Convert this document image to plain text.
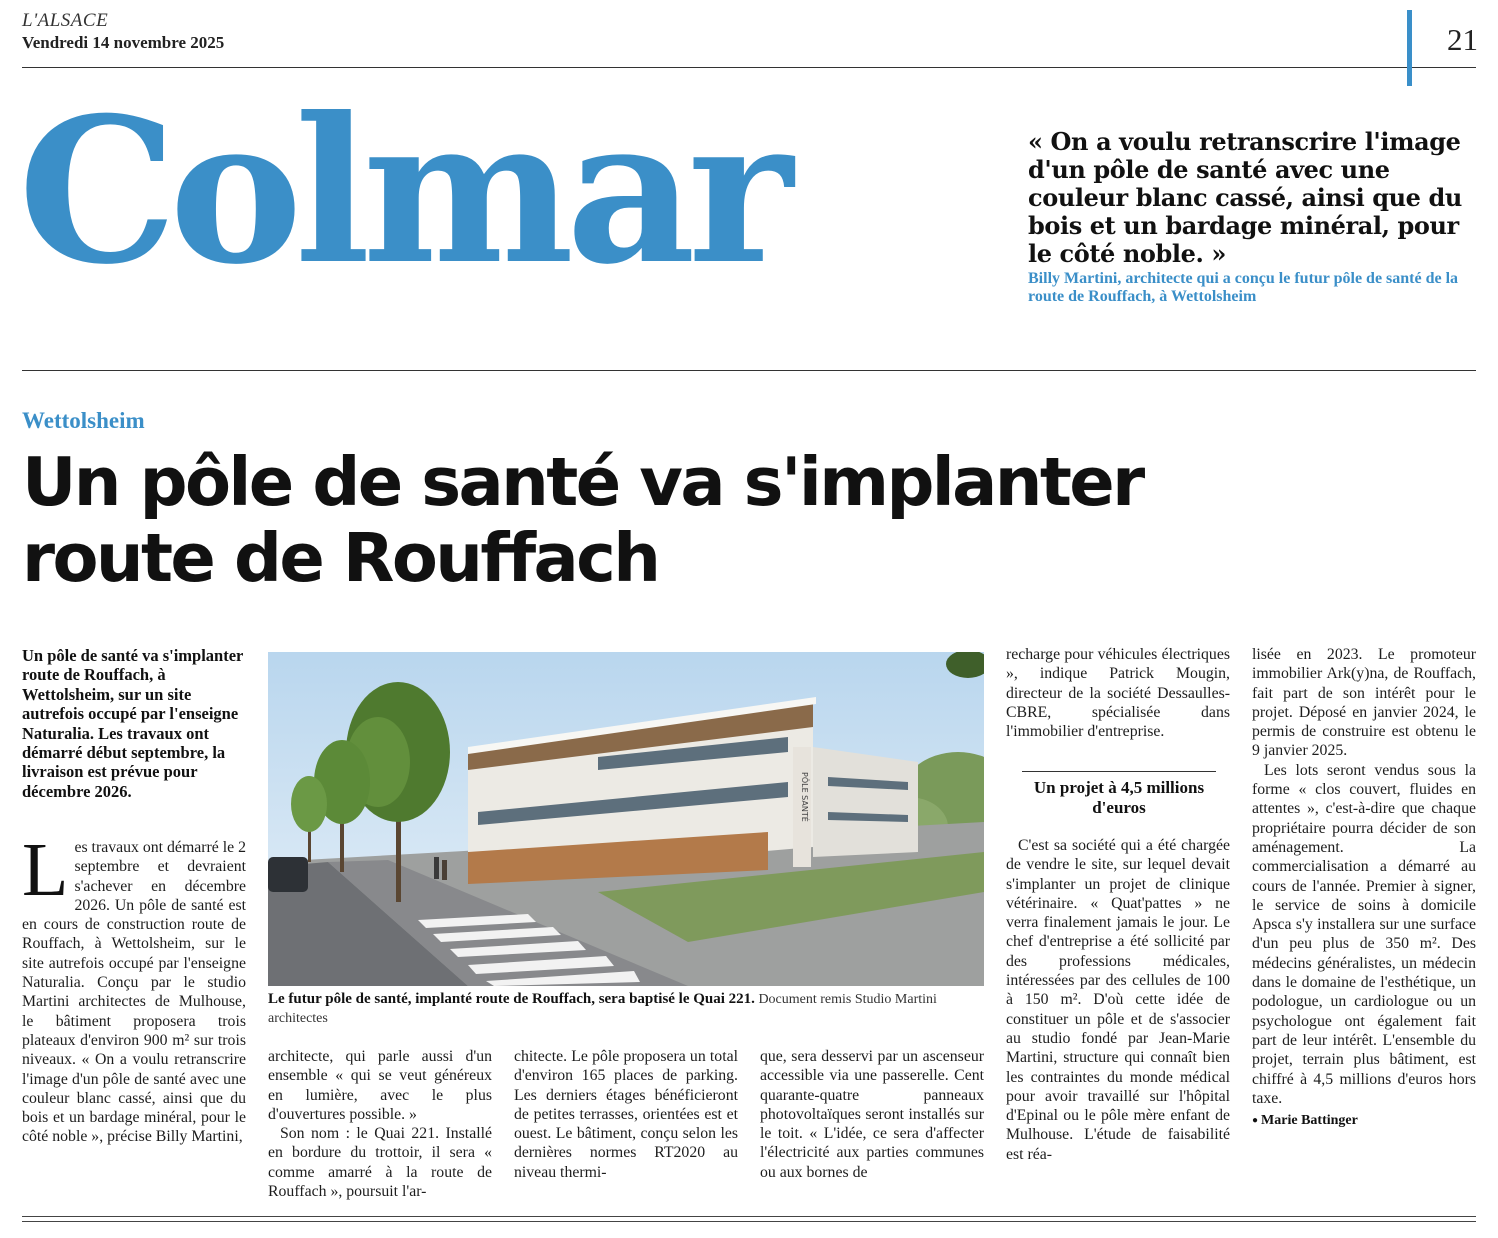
L'ALSACE
Vendredi 14 novembre 2025	21
Colmar	« On a voulu retranscrire l'image d'un pôle de santé avec une couleur blanc cassé, ainsi que du bois et un bardage minéral, pour le côté noble. »
Billy Martini, architecte qui a conçu le futur pôle de santé de la route de Rouffach, à Wettolsheim
Wettolsheim
Un pôle de santé va s'implanter route de Rouffach
Un pôle de santé va s'implanter route de Rouffach, à Wettolsheim, sur un site autrefois occupé par l'enseigne Naturalia. Les travaux ont démarré début septembre, la livraison est prévue pour décembre 2026.
L es travaux ont démarré le 2 septembre et devraient s'achever en décembre 2026. Un pôle de santé est en cours de construction route de Rouffach, à Wettolsheim, sur le site autrefois occupé par l'enseigne Naturalia. Conçu par le studio Martini architectes de Mulhouse, le bâtiment proposera trois plateaux d'environ 900 m² sur trois niveaux. « On a voulu retranscrire l'image d'un pôle de santé avec une couleur blanc cassé, ainsi que du bois et un bardage minéral, pour le côté noble », précise Billy Martini,
PÔLE SANTÉ
Le futur pôle de santé, implanté route de Rouffach, sera baptisé le Quai 221. Document remis Studio Martini architectes

architecte, qui parle aussi d'un ensemble « qui se veut généreux en lumière, avec le plus d'ouvertures possible. »

Son nom : le Quai 221. Installé en bordure du trottoir, il sera « comme amarré à la route de Rouffach », poursuit l'ar-

chitecte. Le pôle proposera un total d'environ 165 places de parking. Les derniers étages bénéficieront de petites terrasses, orientées est et ouest. Le bâtiment, conçu selon les dernières normes RT2020 au niveau thermi-

que, sera desservi par un ascenseur accessible via une passerelle. Cent quarante-quatre panneaux photovoltaïques seront installés sur le toit. « L'idée, ce sera d'affecter l'électricité aux parties communes ou aux bornes de

recharge pour véhicules électriques », indique Patrick Mougin, directeur de la société Dessaulles-CBRE, spécialisée dans l'immobilier d'entreprise.

Un projet à 4,5 millions d'euros

C'est sa société qui a été chargée de vendre le site, sur lequel devait s'implanter un projet de clinique vétérinaire. « Quat'pattes » ne verra finalement jamais le jour. Le chef d'entreprise a été sollicité par des professions médicales, intéressées par des cellules de 100 à 150 m². D'où cette idée de constituer un pôle et de s'associer au studio fondé par Jean-Marie Martini, structure qui connaît bien les contraintes du monde médical pour avoir travaillé sur l'hôpital d'Epinal ou le pôle mère enfant de Mulhouse. L'étude de faisabilité est réa-

lisée en 2023. Le promoteur immobilier Ark(y)na, de Rouffach, fait part de son intérêt pour le projet. Déposé en janvier 2024, le permis de construire est obtenu le 9 janvier 2025.

Les lots seront vendus sous la forme « clos couvert, fluides en attentes », c'est-à-dire que chaque propriétaire pourra décider de son aménagement. La commercialisation a démarré au cours de l'année. Premier à signer, le service de soins à domicile Apsca s'y installera sur une surface d'un peu plus de 350 m². Des médecins généralistes, un médecin dans le domaine de l'esthétique, un podologue, un cardiologue ou un psychologue ont également fait part de leur intérêt. L'ensemble du projet, terrain plus bâtiment, est chiffré à 4,5 millions d'euros hors taxe.

● Marie Battinger
